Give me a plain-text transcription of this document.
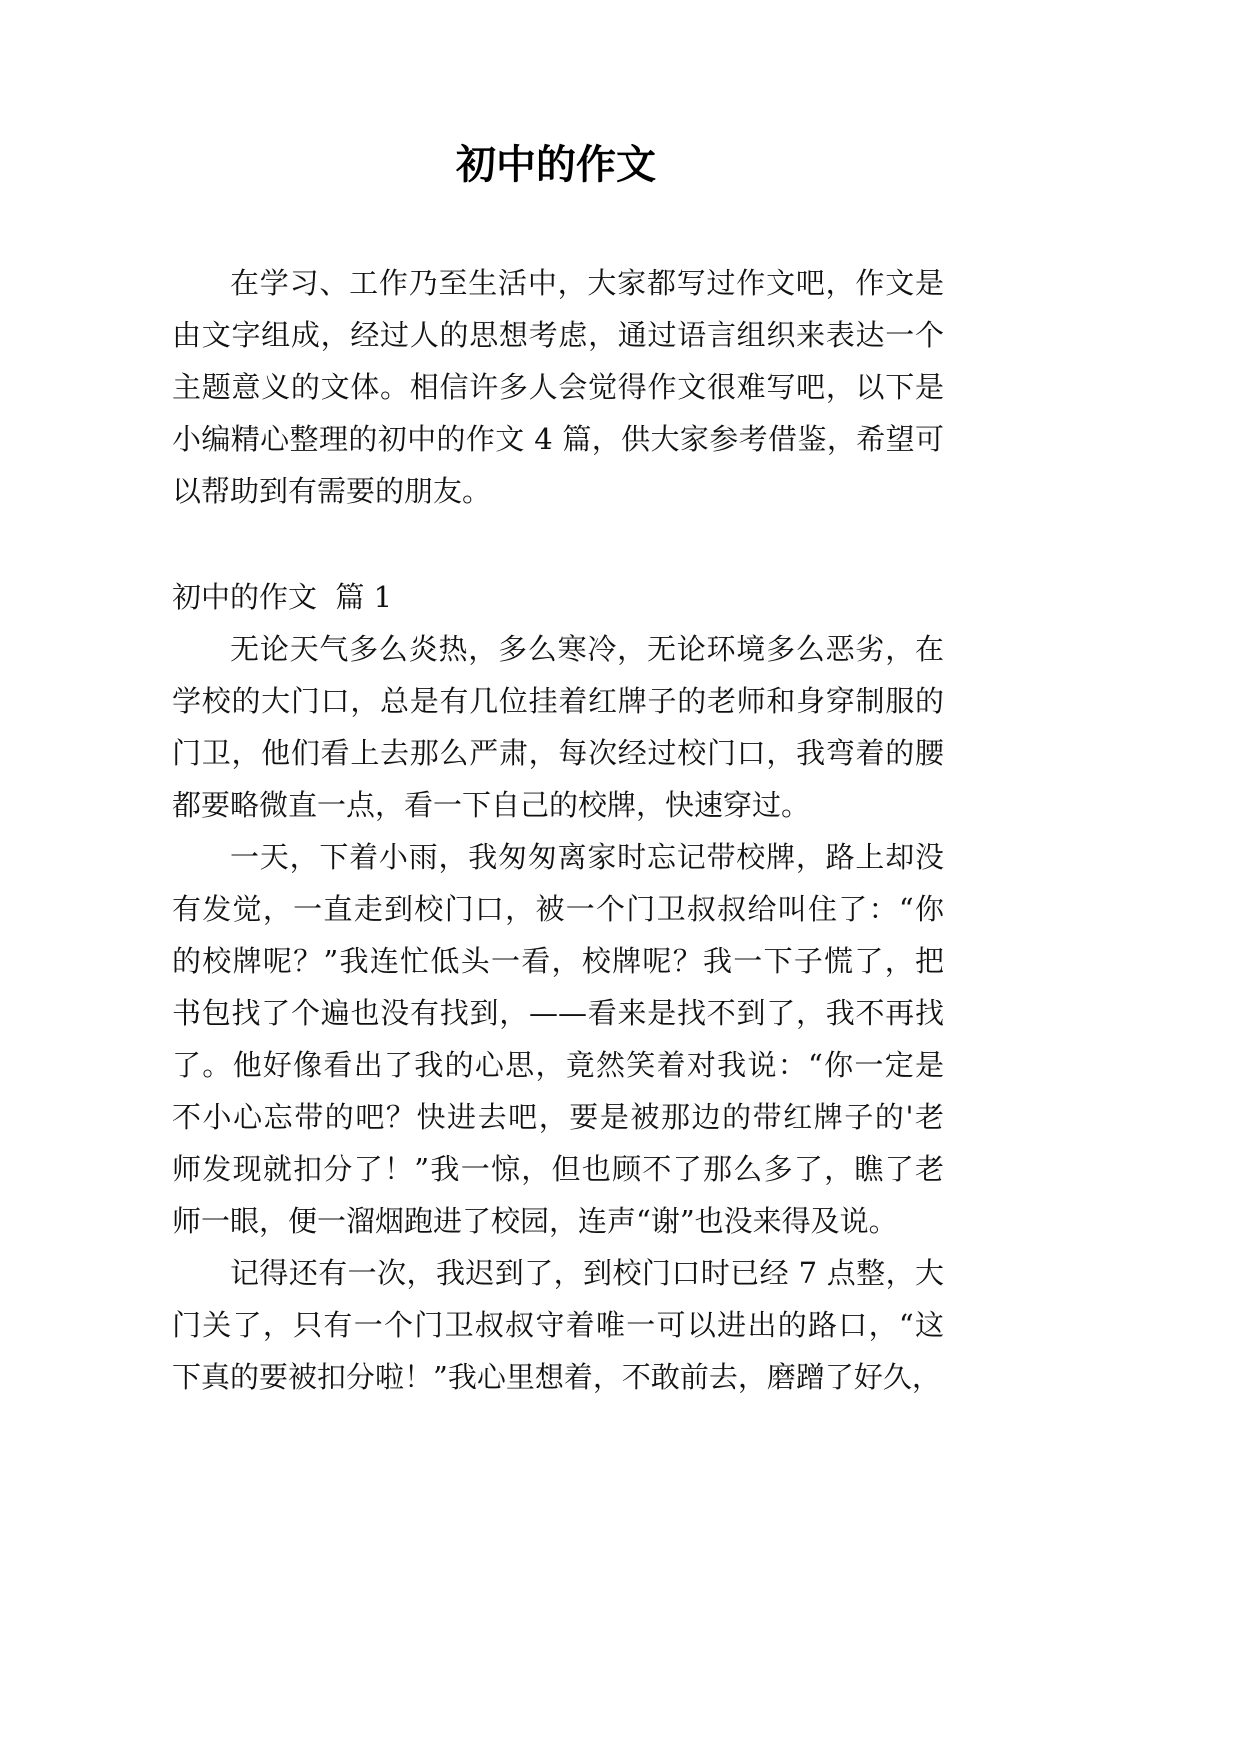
初中的作文
在学习、工作乃至生活中，大家都写过作文吧，作文是
由文字组成，经过人的思想考虑，通过语言组织来表达一个
主题意义的文体。相信许多人会觉得作文很难写吧，以下是
小编精心整理的初中的作文 4 篇，供大家参考借鉴，希望可
以帮助到有需要的朋友。
初中的作文  篇 1
无论天气多么炎热，多么寒冷，无论环境多么恶劣，在
学校的大门口，总是有几位挂着红牌子的老师和身穿制服的
门卫，他们看上去那么严肃，每次经过校门口，我弯着的腰
都要略微直一点，看一下自己的校牌，快速穿过。
一天，下着小雨，我匆匆离家时忘记带校牌，路上却没
有发觉，一直走到校门口，被一个门卫叔叔给叫住了：“你
的校牌呢？”我连忙低头一看，校牌呢？我一下子慌了，把
书包找了个遍也没有找到，——看来是找不到了，我不再找
了。他好像看出了我的心思，竟然笑着对我说：“你一定是
不小心忘带的吧？快进去吧，要是被那边的带红牌子的'老
师发现就扣分了！”我一惊，但也顾不了那么多了，瞧了老
师一眼，便一溜烟跑进了校园，连声“谢”也没来得及说。
记得还有一次，我迟到了，到校门口时已经 7 点整，大
门关了，只有一个门卫叔叔守着唯一可以进出的路口，“这
下真的要被扣分啦！”我心里想着，不敢前去，磨蹭了好久，
